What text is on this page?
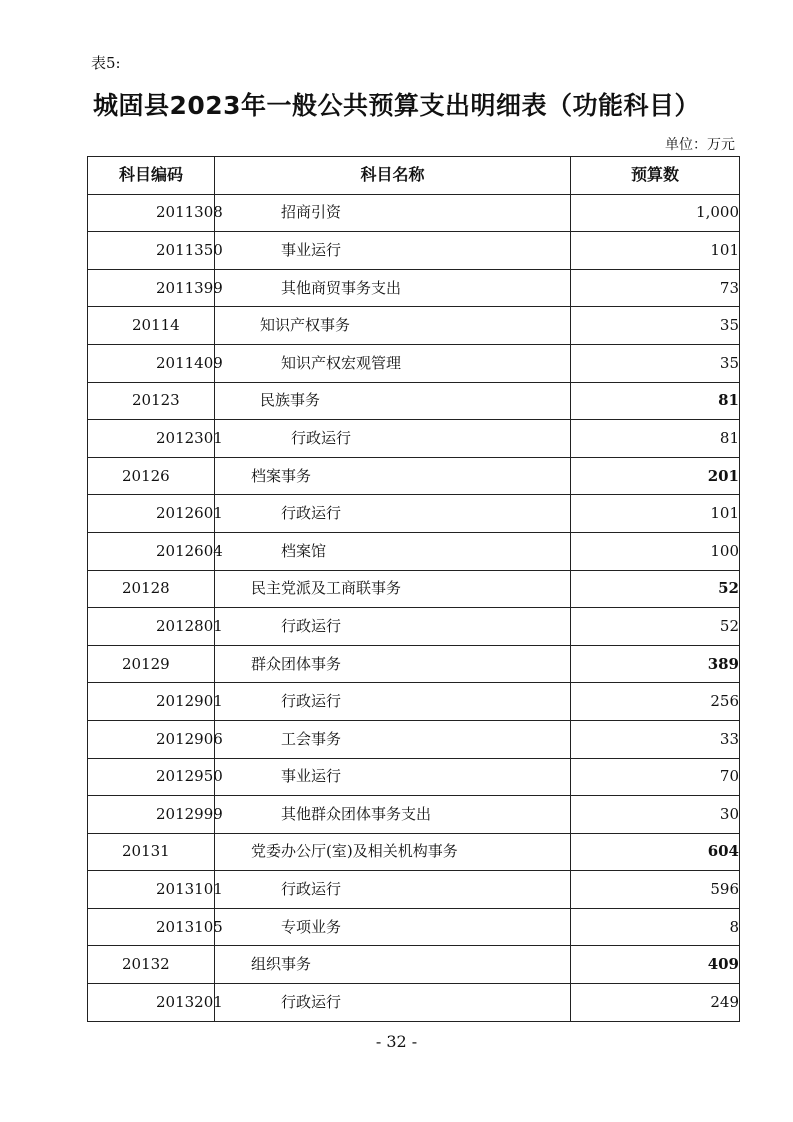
表5:
城固县2023年一般公共预算支出明细表（功能科目）
单位：万元
科目编码	科目名称	预算数
2011308	招商引资	1,000
2011350	事业运行	101
2011399	其他商贸事务支出	73
20114	知识产权事务	35
2011409	知识产权宏观管理	35
20123	民族事务	81
2012301	行政运行	81
20126	档案事务	201
2012601	行政运行	101
2012604	档案馆	100
20128	民主党派及工商联事务	52
2012801	行政运行	52
20129	群众团体事务	389
2012901	行政运行	256
2012906	工会事务	33
2012950	事业运行	70
2012999	其他群众团体事务支出	30
20131	党委办公厅(室)及相关机构事务	604
2013101	行政运行	596
2013105	专项业务	8
20132	组织事务	409
2013201	行政运行	249
- 32 -
